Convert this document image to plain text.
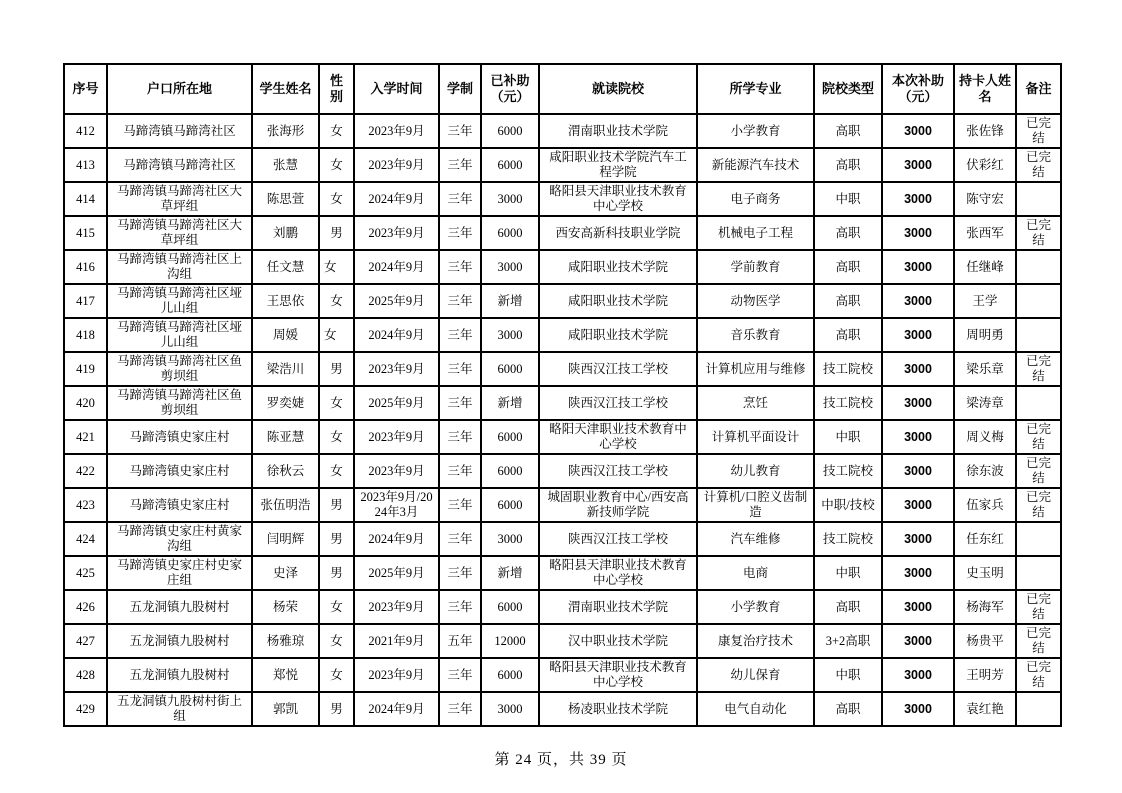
序号	户口所在地	学生姓名	性别	入学时间	学制	已补助（元）	就读院校	所学专业	院校类型	本次补助（元）	持卡人姓名	备注
412	马蹄湾镇马蹄湾社区	张海形	女	2023年9月	三年	6000	渭南职业技术学院	小学教育	高职	3000	张佐锋	已完结
413	马蹄湾镇马蹄湾社区	张慧	女	2023年9月	三年	6000	咸阳职业技术学院汽车工程学院	新能源汽车技术	高职	3000	伏彩红	已完结
414	马蹄湾镇马蹄湾社区大草坪组	陈思萱	女	2024年9月	三年	3000	略阳县天津职业技术教育中心学校	电子商务	中职	3000	陈守宏	
415	马蹄湾镇马蹄湾社区大草坪组	刘鹏	男	2023年9月	三年	6000	西安高新科技职业学院	机械电子工程	高职	3000	张西军	已完结
416	马蹄湾镇马蹄湾社区上沟组	任文慧	女	2024年9月	三年	3000	咸阳职业技术学院	学前教育	高职	3000	任继峰	
417	马蹄湾镇马蹄湾社区垭儿山组	王思依	女	2025年9月	三年	新增	咸阳职业技术学院	动物医学	高职	3000	王学	
418	马蹄湾镇马蹄湾社区垭儿山组	周媛	女	2024年9月	三年	3000	咸阳职业技术学院	音乐教育	高职	3000	周明勇	
419	马蹄湾镇马蹄湾社区鱼剪坝组	梁浩川	男	2023年9月	三年	6000	陕西汉江技工学校	计算机应用与维修	技工院校	3000	梁乐章	已完结
420	马蹄湾镇马蹄湾社区鱼剪坝组	罗奕婕	女	2025年9月	三年	新增	陕西汉江技工学校	烹饪	技工院校	3000	梁涛章	
421	马蹄湾镇史家庄村	陈亚慧	女	2023年9月	三年	6000	略阳天津职业技术教育中心学校	计算机平面设计	中职	3000	周义梅	已完结
422	马蹄湾镇史家庄村	徐秋云	女	2023年9月	三年	6000	陕西汉江技工学校	幼儿教育	技工院校	3000	徐东波	已完结
423	马蹄湾镇史家庄村	张伍明浩	男	2023年9月/2024年3月	三年	6000	城固职业教育中心/西安高新技师学院	计算机/口腔义齿制造	中职/技校	3000	伍家兵	已完结
424	马蹄湾镇史家庄村黄家沟组	闫明辉	男	2024年9月	三年	3000	陕西汉江技工学校	汽车维修	技工院校	3000	任东红	
425	马蹄湾镇史家庄村史家庄组	史泽	男	2025年9月	三年	新增	略阳县天津职业技术教育中心学校	电商	中职	3000	史玉明	
426	五龙洞镇九股树村	杨荣	女	2023年9月	三年	6000	渭南职业技术学院	小学教育	高职	3000	杨海军	已完结
427	五龙洞镇九股树村	杨雅琼	女	2021年9月	五年	12000	汉中职业技术学院	康复治疗技术	3+2高职	3000	杨贵平	已完结
428	五龙洞镇九股树村	郑悦	女	2023年9月	三年	6000	略阳县天津职业技术教育中心学校	幼儿保育	中职	3000	王明芳	已完结
429	五龙洞镇九股树村街上组	郭凯	男	2024年9月	三年	3000	杨凌职业技术学院	电气自动化	高职	3000	袁红艳	
第 24 页，共 39 页
